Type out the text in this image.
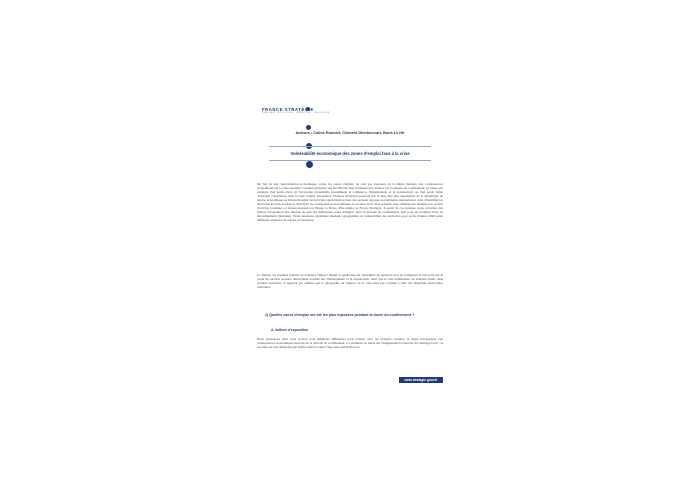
FRANCE STRATÉGIE
ÉVALUER · ANTICIPER · DÉBATTRE · PROPOSER
Auteurs : Coline Rouvert, Clément Dherbécourt, Boris Le Hir
Vulnérabilité économique des zones d'emploi face à la crise

Du fait de leur spécialisation économique, toutes les zones d'emploi ne sont pas exposées de la même manière aux conséquences économiques de la crise sanitaire. Certains territoires ont été affectés plus fortement que d'autres par la mesure de confinement, en raison par exemple d'un poids élevé de l'économie présentielle (notamment le commerce, l'hébergement et la restauration) ou d'un poids faible d'activités considérées dans la crise comme prioritaires. D'autres territoires pourront par la suite être plus dépendants de la dynamique de reprise économique au niveau mondial du fait d'une spécialisation dans des secteurs exposés au commerce international. Afin d'identifier les territoires les plus touchés et d'analyser les conséquences économiques et sociales de la crise actuelle, nous utilisons les données par secteur d'activité produites au niveau national par l'Insee, la Dares, Pôle emploi et France Stratégie. À partir de ces données, nous calculons des indices d'exposition des emplois au sein des différentes zones d'emploi, pour la période du confinement, puis pour les premiers mois de déconfinement (mai-juin). Nous dessinons également plusieurs géographies de vulnérabilité des territoires pour la fin d'année 2020 selon différents scénarios de reprise économique.

Ce faisant, les résultats mettent en évidence l'impact massif et généralisé sur l'ensemble du territoire tout en soulignant le rôle joué par le poids de certains secteurs directement touchés tels l'hébergement et la restauration, ainsi que le rôle stabilisateur de l'emploi public dans certains territoires. Il apparaît par ailleurs que la géographie de l'impact de la crise n'est pas corrélée à celle des inégalités territoriales existantes.

1) Quelles zones d'emploi ont été les plus exposées pendant la durée du confinement ?
A. Indices d'exposition

Nous présentons dans cette section trois méthodes différentes pour évaluer avec les données actuelles le degré d'exposition aux conséquences économiques directes de la période de confinement. La première est basée sur l'augmentation observée du chômage local ; la seconde sur une méthodologie établie dans le cadre d'une autre publication de

www.strategie.gouv.fr
